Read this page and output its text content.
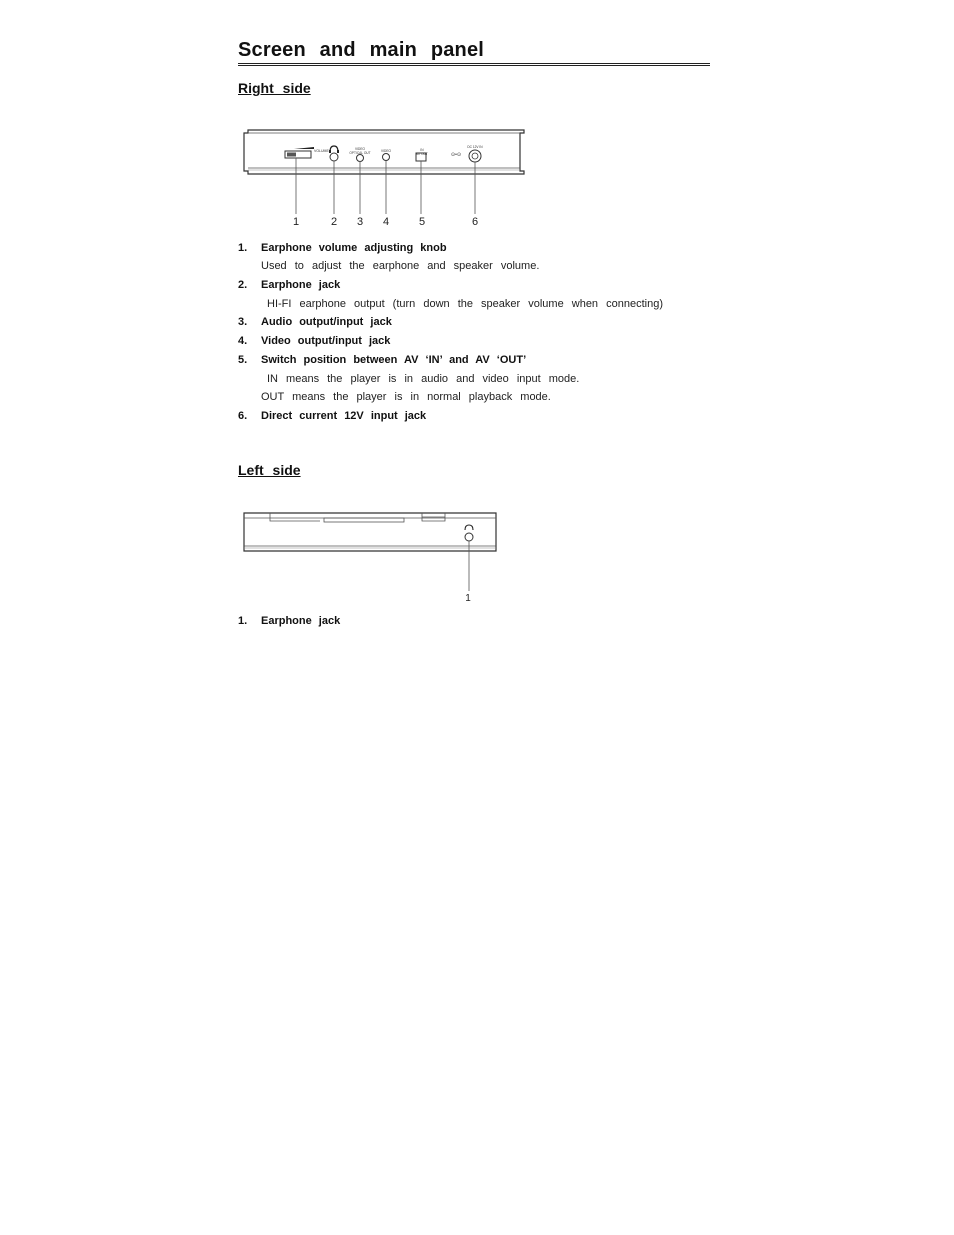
Screen and main panel
Right side
VOLUME	VIDEO
OPTICAL OUT	VIDEO	IN
AV OUT
DC 12V IN
⊙•⊙
1	2 3 4	5	6
1. Earphone volume adjusting knob
Used to adjust the earphone and speaker volume.
2. Earphone jack
HI-FI earphone output (turn down the speaker volume when connecting)
3. Audio output/input jack
4. Video output/input jack
5. Switch position between AV ‘IN’ and AV ‘OUT’
IN means the player is in audio and video input mode.
OUT means the player is in normal playback mode.
6. Direct current 12V input jack
Left side
1
1. Earphone jack
